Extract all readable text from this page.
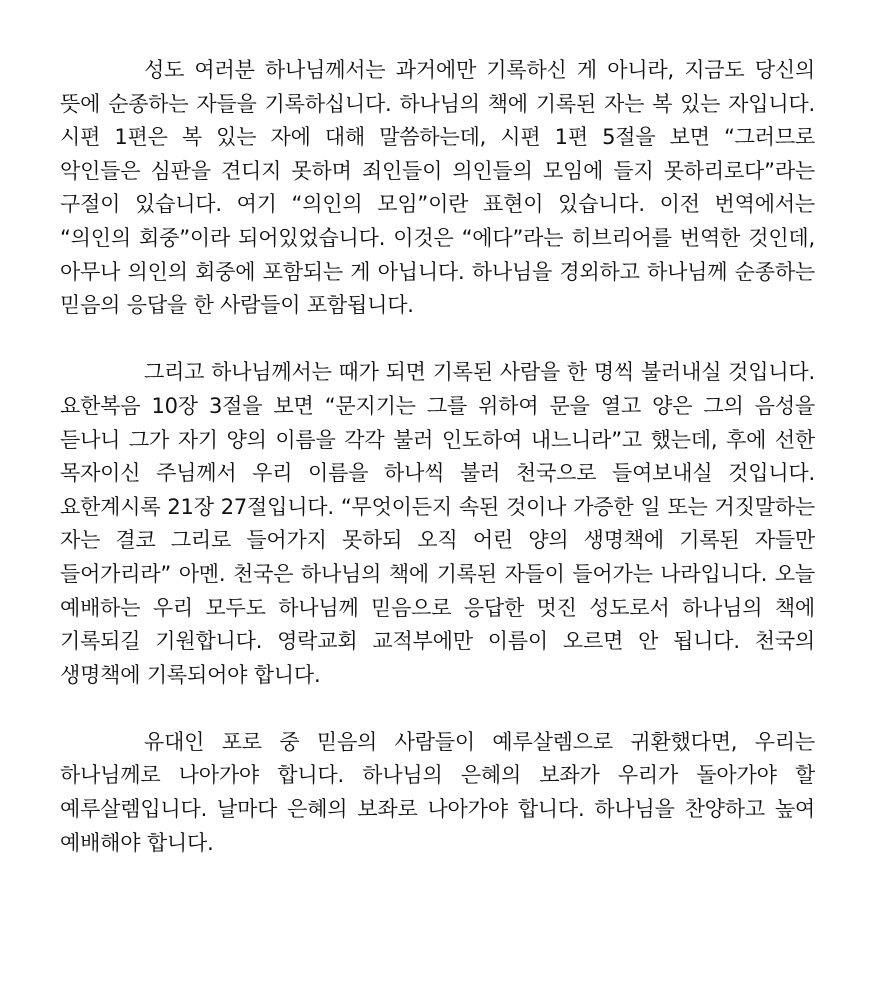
성도 여러분 하나님께서는 과거에만 기록하신 게 아니라, 지금도 당신의 뜻에 순종하는 자들을 기록하십니다. 하나님의 책에 기록된 자는 복 있는 자입니다. 시편 1편은 복 있는 자에 대해 말씀하는데, 시편 1편 5절을 보면 “그러므로 악인들은 심판을 견디지 못하며 죄인들이 의인들의 모임에 들지 못하리로다”라는 구절이 있습니다. 여기 “의인의 모임”이란 표현이 있습니다. 이전 번역에서는 “의인의 회중”이라 되어있었습니다. 이것은 “에다”라는 히브리어를 번역한 것인데, 아무나 의인의 회중에 포함되는 게 아닙니다. 하나님을 경외하고 하나님께 순종하는 믿음의 응답을 한 사람들이 포함됩니다.

그리고 하나님께서는 때가 되면 기록된 사람을 한 명씩 불러내실 것입니다. 요한복음 10장 3절을 보면 “문지기는 그를 위하여 문을 열고 양은 그의 음성을 듣나니 그가 자기 양의 이름을 각각 불러 인도하여 내느니라”고 했는데, 후에 선한 목자이신 주님께서 우리 이름을 하나씩 불러 천국으로 들여보내실 것입니다. 요한계시록 21장 27절입니다. “무엇이든지 속된 것이나 가증한 일 또는 거짓말하는 자는 결코 그리로 들어가지 못하되 오직 어린 양의 생명책에 기록된 자들만 들어가리라” 아멘. 천국은 하나님의 책에 기록된 자들이 들어가는 나라입니다. 오늘 예배하는 우리 모두도 하나님께 믿음으로 응답한 멋진 성도로서 하나님의 책에 기록되길 기원합니다. 영락교회 교적부에만 이름이 오르면 안 됩니다. 천국의 생명책에 기록되어야 합니다.

유대인 포로 중 믿음의 사람들이 예루살렘으로 귀환했다면, 우리는 하나님께로 나아가야 합니다. 하나님의 은혜의 보좌가 우리가 돌아가야 할 예루살렘입니다. 날마다 은혜의 보좌로 나아가야 합니다. 하나님을 찬양하고 높여 예배해야 합니다.
